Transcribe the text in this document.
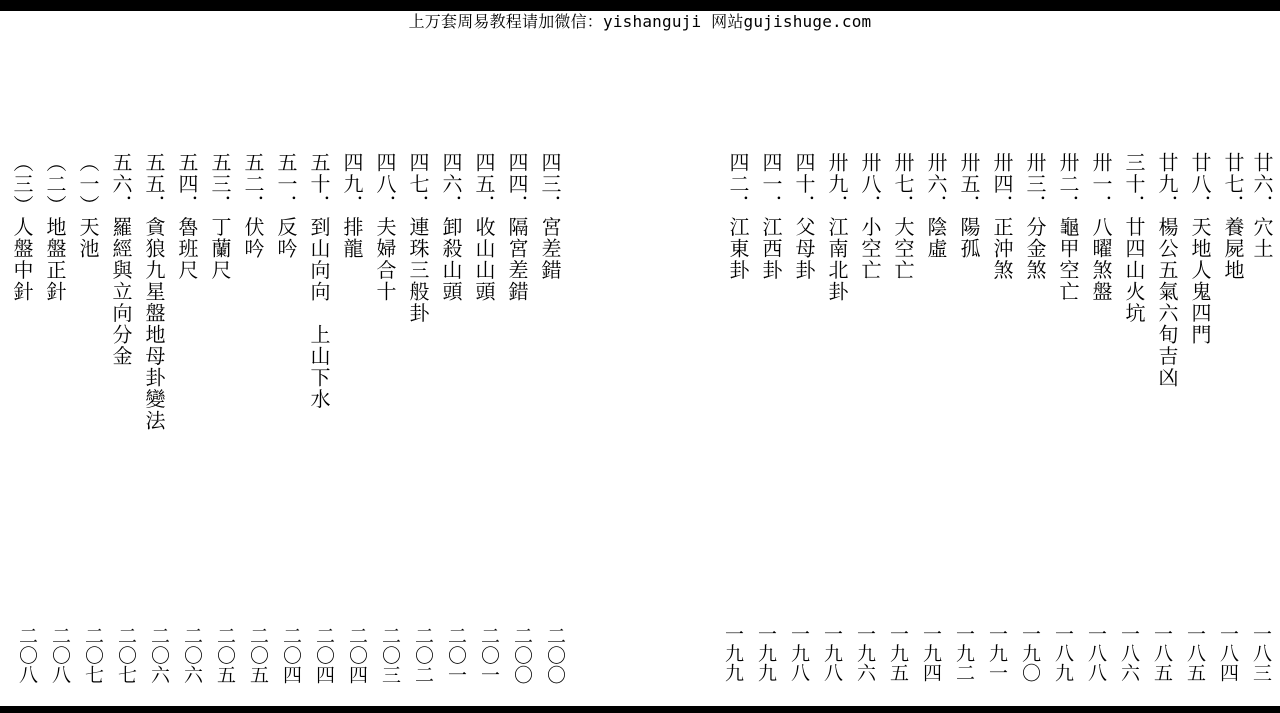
上万套周易教程请加微信：yishanguji 网站gujishuge.com
四三．宮差錯
四四．隔宮差錯
四五．收山山頭
四六．卸殺山頭
四七．連珠三般卦
四八．夫婦合十
四九．排龍
五十．到山向向　上山下水
五一．反吟
五二．伏吟
五三．丁蘭尺
五四．魯班尺
五五．貪狼九星盤地母卦變法
五六．羅經與立向分金
（一）天池
（二）地盤正針
（三）人盤中針
二〇〇
二〇〇
二〇一
二〇一
二〇二
二〇三
二〇四
二〇四
二〇四
二〇五
二〇五
二〇六
二〇六
二〇七
二〇七
二〇八
二〇八
廿六．穴土
廿七．養屍地
廿八．天地人鬼四門
廿九．楊公五氣六旬吉凶
三十．廿四山火坑
卅一．八曜煞盤
卅二．龜甲空亡
卅三．分金煞
卅四．正沖煞
卅五．陽孤
卅六．陰虛
卅七．大空亡
卅八．小空亡
卅九．江南北卦
四十．父母卦
四一．江西卦
四二．江東卦
一八三
一八四
一八五
一八五
一八六
一八八
一八九
一九〇
一九一
一九二
一九四
一九五
一九六
一九八
一九八
一九九
一九九
